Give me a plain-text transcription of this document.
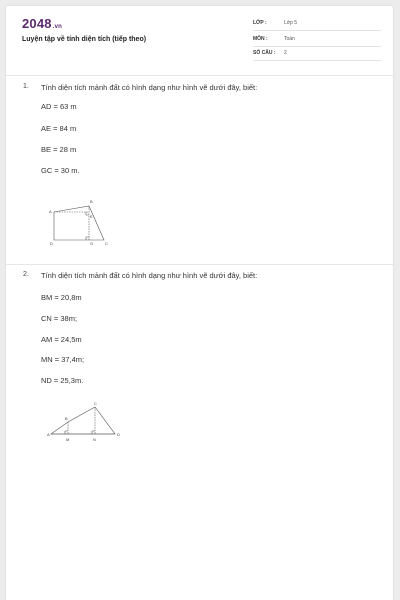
2048.vn
Luyện tập về tính diện tích (tiếp theo)
LỚP :	Lớp 5
MÔN :	Toán
SỐ CÂU : 2
1. Tính diện tích mảnh đất có hình dạng như hình vẽ dưới đây, biết:
AD = 63 m
AE = 84 m
BE = 28 m
GC = 30 m.
A
B
C
D
E
G
2. Tính diện tích mảnh đất có hình dạng như hình vẽ dưới đây, biết:
BM = 20,8m
CN = 38m;
AM = 24,5m
MN = 37,4m;
ND = 25,3m.
A
B
C
D
M	N
